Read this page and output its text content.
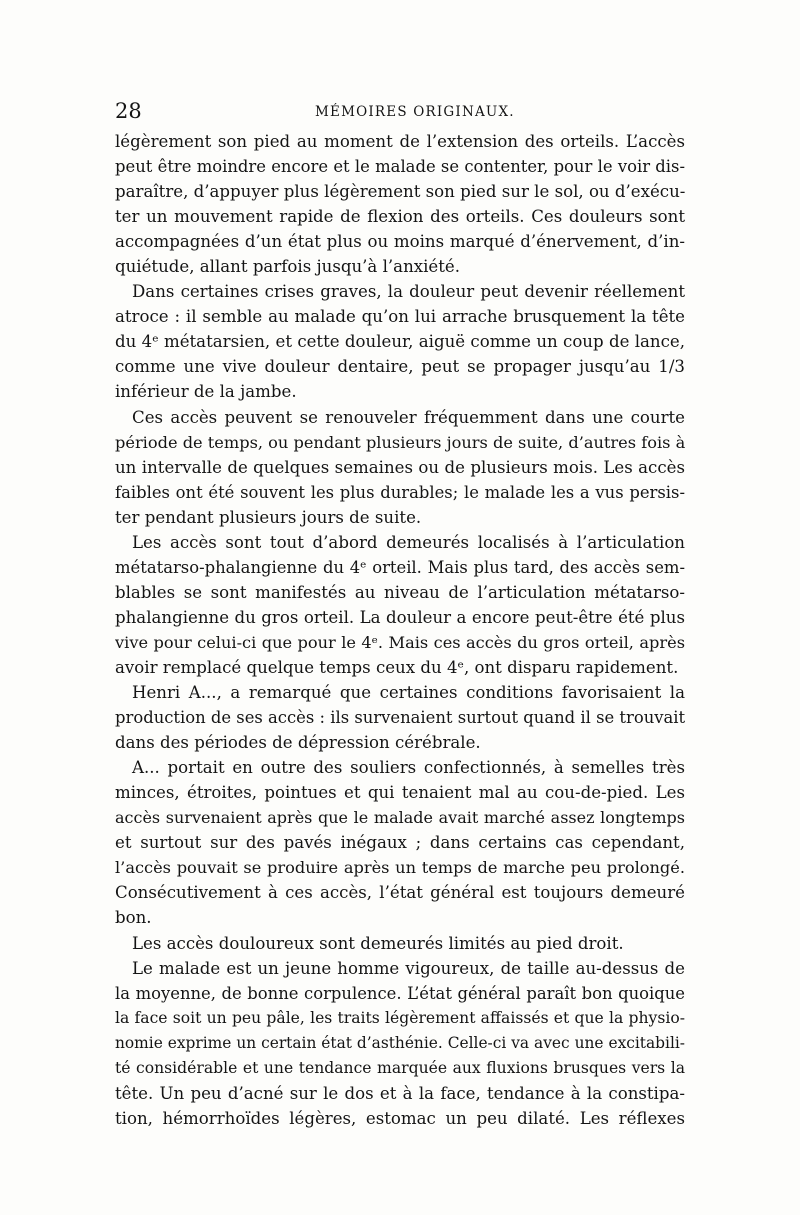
28	MÉMOIRES ORIGINAUX.
légèrement son pied au moment de l’extension des orteils. L’accès
peut être moindre encore et le malade se contenter, pour le voir dis-
paraître, d’appuyer plus légèrement son pied sur le sol, ou d’exécu-
ter un mouvement rapide de flexion des orteils. Ces douleurs sont
accompagnées d’un état plus ou moins marqué d’énervement, d’in-
quiétude, allant parfois jusqu’à l’anxiété.
Dans certaines crises graves, la douleur peut devenir réellement
atroce : il semble au malade qu’on lui arrache brusquement la tête
du 4ᵉ métatarsien, et cette douleur, aiguë comme un coup de lance,
comme une vive douleur dentaire, peut se propager jusqu’au 1/3
inférieur de la jambe.
Ces accès peuvent se renouveler fréquemment dans une courte
période de temps, ou pendant plusieurs jours de suite, d’autres fois à
un intervalle de quelques semaines ou de plusieurs mois. Les accès
faibles ont été souvent les plus durables; le malade les a vus persis-
ter pendant plusieurs jours de suite.
Les accès sont tout d’abord demeurés localisés à l’articulation
métatarso-phalangienne du 4ᵉ orteil. Mais plus tard, des accès sem-
blables se sont manifestés au niveau de l’articulation métatarso-
phalangienne du gros orteil. La douleur a encore peut-être été plus
vive pour celui-ci que pour le 4ᵉ. Mais ces accès du gros orteil, après
avoir remplacé quelque temps ceux du 4ᵉ, ont disparu rapidement.
Henri A..., a remarqué que certaines conditions favorisaient la
production de ses accès : ils survenaient surtout quand il se trouvait
dans des périodes de dépression cérébrale.
A... portait en outre des souliers confectionnés, à semelles très
minces, étroites, pointues et qui tenaient mal au cou-de-pied. Les
accès survenaient après que le malade avait marché assez longtemps
et surtout sur des pavés inégaux ; dans certains cas cependant,
l’accès pouvait se produire après un temps de marche peu prolongé.
Consécutivement à ces accès, l’état général est toujours demeuré
bon.
Les accès douloureux sont demeurés limités au pied droit.
Le malade est un jeune homme vigoureux, de taille au-dessus de
la moyenne, de bonne corpulence. L’état général paraît bon quoique
la face soit un peu pâle, les traits légèrement affaissés et que la physio-
nomie exprime un certain état d’asthénie. Celle-ci va avec une excitabili-
té considérable et une tendance marquée aux fluxions brusques vers la
tête. Un peu d’acné sur le dos et à la face, tendance à la constipa-
tion, hémorrhoïdes légères, estomac un peu dilaté. Les réflexes
